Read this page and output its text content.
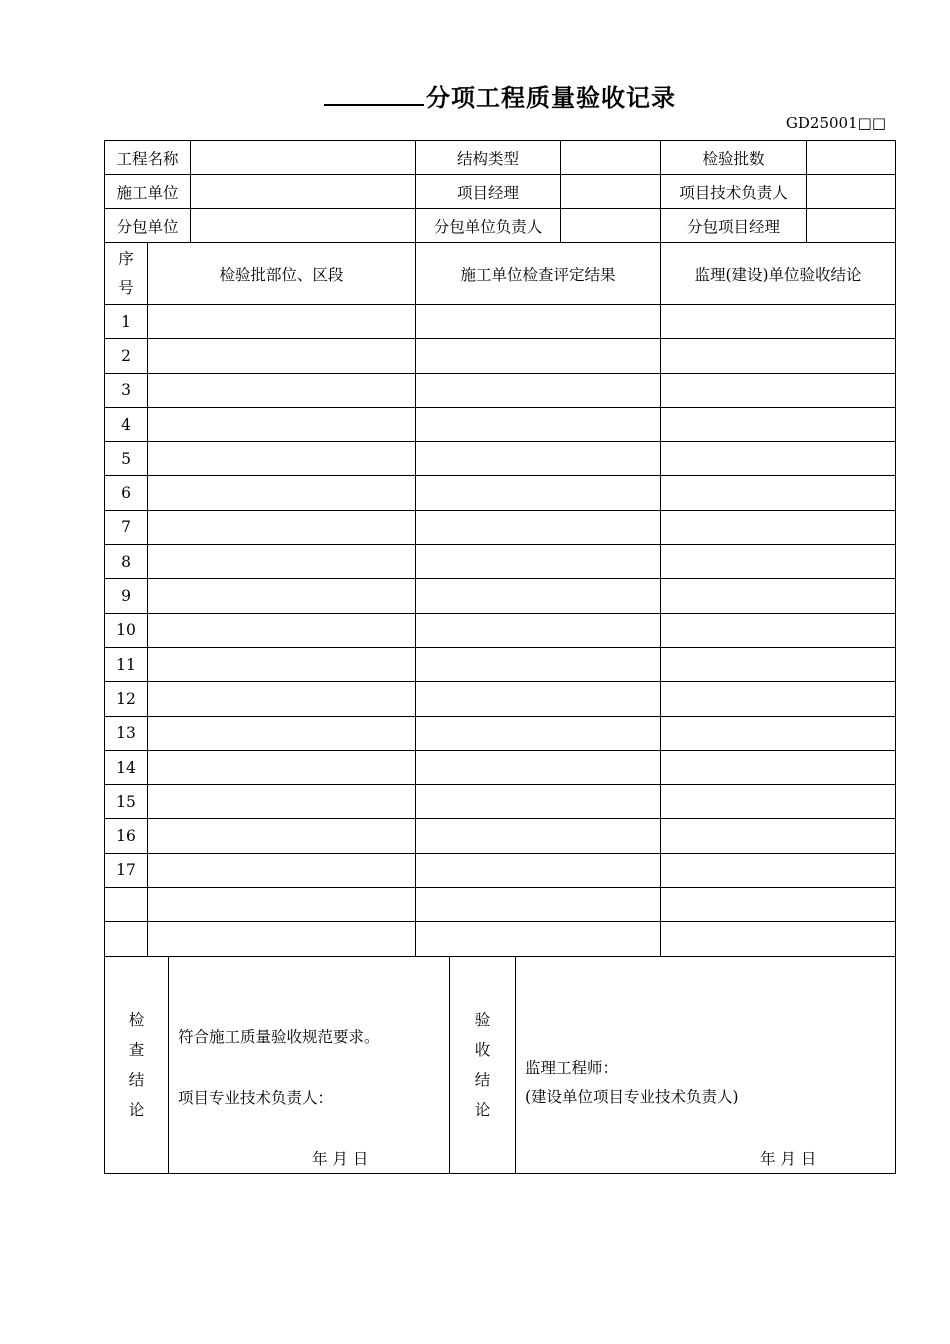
分项工程质量验收记录
GD25001□□
工程名称		结构类型		检验批数	
施工单位		项目经理		项目技术负责人	
分包单位		分包单位负责人		分包项目经理	
序
号	检验批部位、区段	施工单位检查评定结果	监理(建设)单位验收结论
1			
2			
3			
4			
5			
6			
7			
8			
9			
10			
11			
12			
13			
14			
15			
16			
17			

检
查
结
论	
符合施工质量验收规范要求。
项目专业技术负责人：
年 月 日
	验
收
结
论	
监理工程师：
(建设单位项目专业技术负责人)
年 月 日
